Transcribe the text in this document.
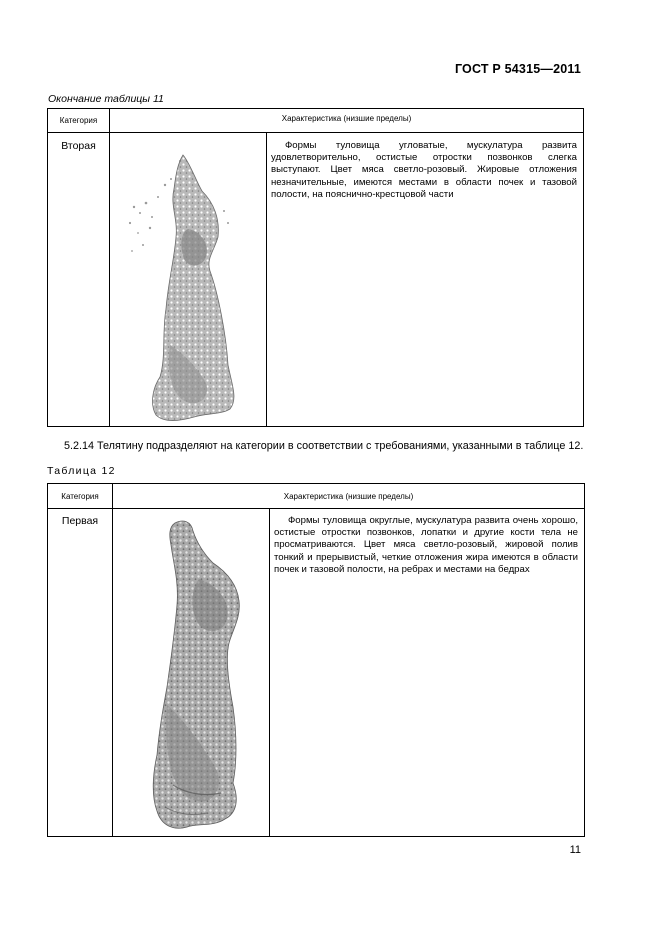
ГОСТ Р 54315—2011
Окончание таблицы 11
Категория	Характеристика (низшие пределы)	
Вторая		Формы туловища угловатые, мускулатура развита удовлетворительно, остистые отростки позвонков слегка выступают. Цвет мяса светло-розовый. Жировые отложения незначительные, имеются местами в области почек и тазовой полости, на пояснично-крестцовой части

5.2.14 Телятину подразделяют на категории в соответствии с требованиями, указанными в таблице 12.
Таблица 12
Категория	Характеристика (низшие пределы)	
Первая		Формы туловища округлые, мускулатура развита очень хорошо, остистые отростки позвонков, лопатки и другие кости тела не просматриваются. Цвет мяса светло-розовый, жировой полив тонкий и прерывистый, четкие отложения жира имеются в области почек и тазовой полости, на ребрах и местами на бедрах

11
